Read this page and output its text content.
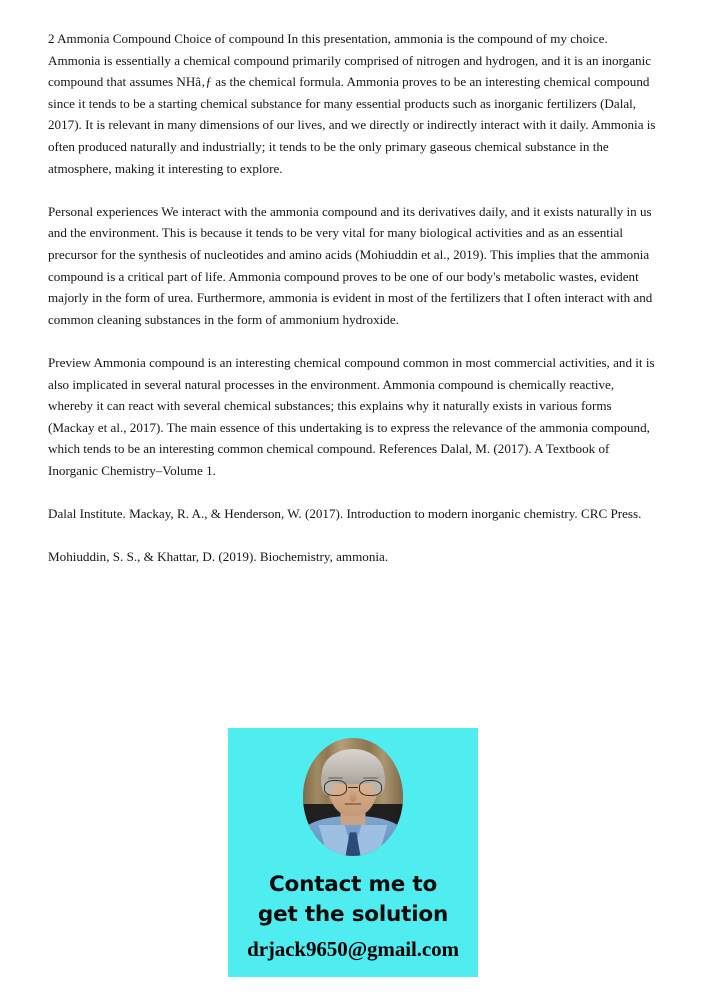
2 Ammonia Compound Choice of compound In this presentation, ammonia is the compound of my choice. Ammonia is essentially a chemical compound primarily comprised of nitrogen and hydrogen, and it is an inorganic compound that assumes NHâ‚ƒ as the chemical formula. Ammonia proves to be an interesting chemical compound since it tends to be a starting chemical substance for many essential products such as inorganic fertilizers (Dalal, 2017). It is relevant in many dimensions of our lives, and we directly or indirectly interact with it daily. Ammonia is often produced naturally and industrially; it tends to be the only primary gaseous chemical substance in the atmosphere, making it interesting to explore.

Personal experiences We interact with the ammonia compound and its derivatives daily, and it exists naturally in us and the environment. This is because it tends to be very vital for many biological activities and as an essential precursor for the synthesis of nucleotides and amino acids (Mohiuddin et al., 2019). This implies that the ammonia compound is a critical part of life. Ammonia compound proves to be one of our body's metabolic wastes, evident majorly in the form of urea. Furthermore, ammonia is evident in most of the fertilizers that I often interact with and common cleaning substances in the form of ammonium hydroxide.

Preview Ammonia compound is an interesting chemical compound common in most commercial activities, and it is also implicated in several natural processes in the environment. Ammonia compound is chemically reactive, whereby it can react with several chemical substances; this explains why it naturally exists in various forms (Mackay et al., 2017). The main essence of this undertaking is to express the relevance of the ammonia compound, which tends to be an interesting common chemical compound. References Dalal, M. (2017). A Textbook of Inorganic Chemistry–Volume 1.

Dalal Institute. Mackay, R. A., & Henderson, W. (2017). Introduction to modern inorganic chemistry. CRC Press.

Mohiuddin, S. S., & Khattar, D. (2019). Biochemistry, ammonia.

Contact me to
get the solution
drjack9650@gmail.com
